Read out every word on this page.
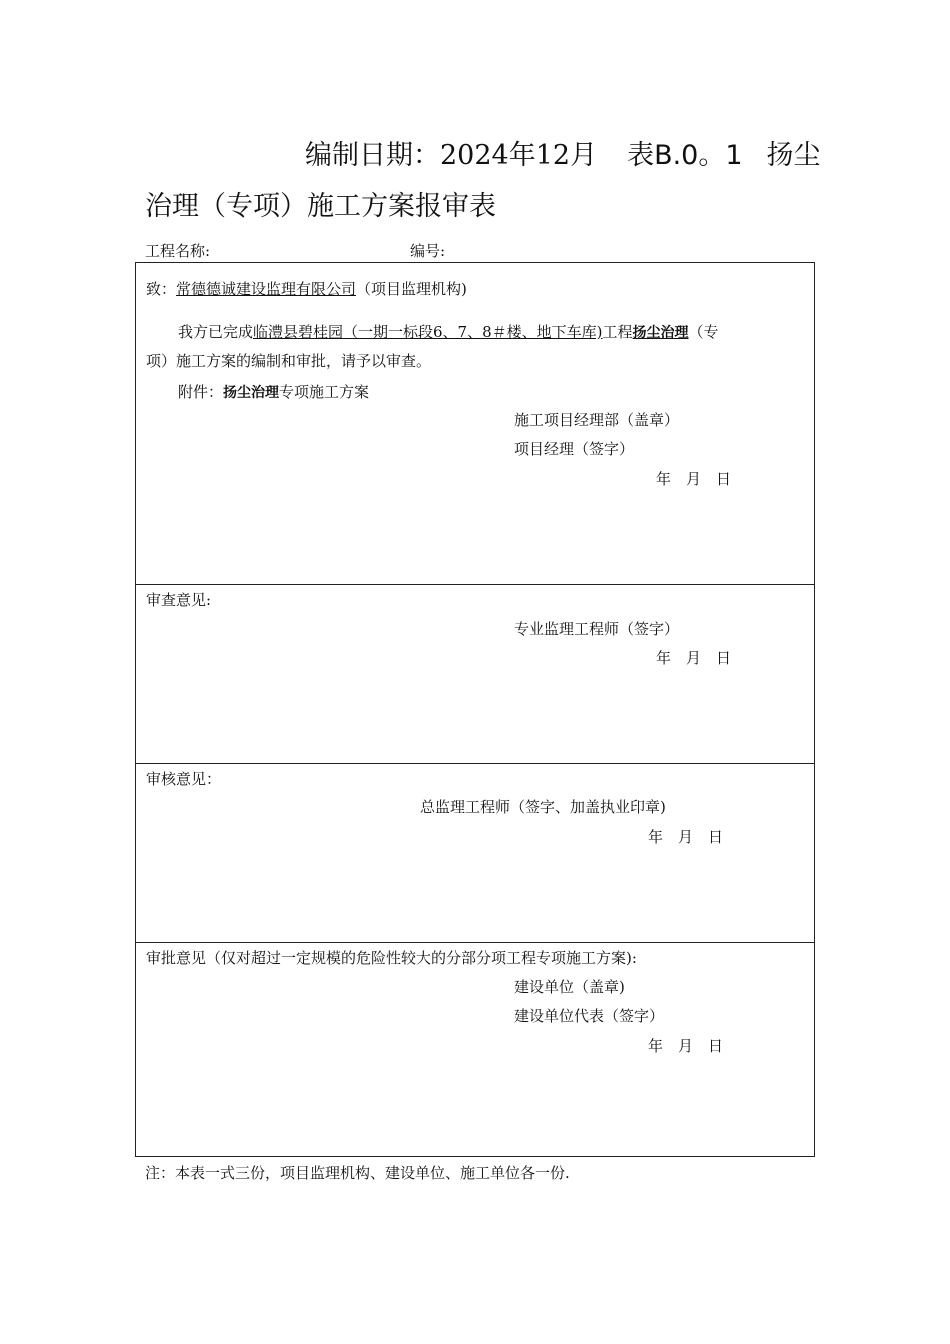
编制日期：2024年12月 表B.0。1 扬尘
治理（专项）施工方案报审表
工程名称:	编号:
致：常德德诚建设监理有限公司（项目监理机构)
我方已完成临澧县碧桂园（一期一标段6、7、8＃楼、地下车库)工程扬尘治理（专
项）施工方案的编制和审批，请予以审查。
附件：扬尘治理专项施工方案
施工项目经理部（盖章）
项目经理（签字）
年　月　日
审查意见:
专业监理工程师（签字）
年　月　日
审核意见：
总监理工程师（签字、加盖执业印章)
年　月　日
审批意见（仅对超过一定规模的危险性较大的分部分项工程专项施工方案):
建设单位（盖章)
建设单位代表（签字）
年　月　日
注：本表一式三份，项目监理机构、建设单位、施工单位各一份.
